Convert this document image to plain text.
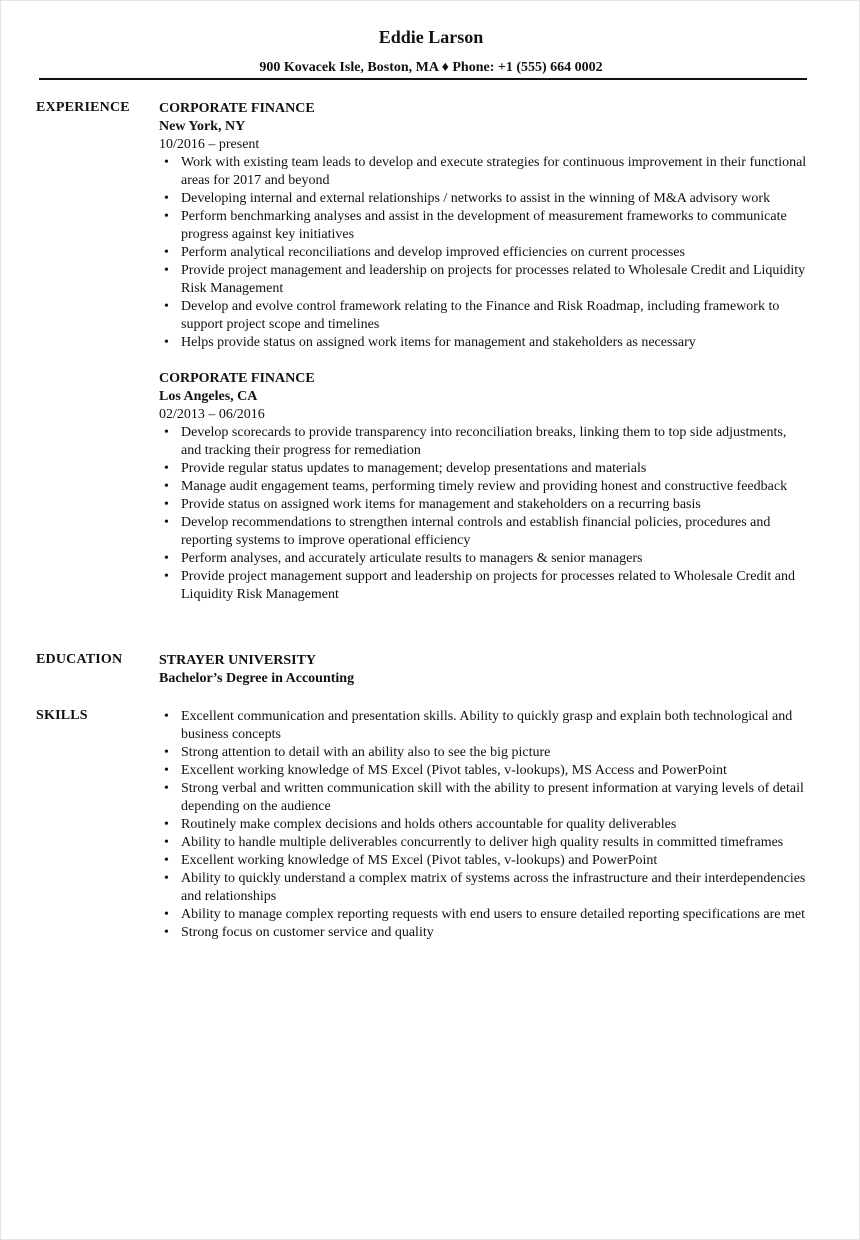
Eddie Larson
900 Kovacek Isle, Boston, MA ♦ Phone: +1 (555) 664 0002
EXPERIENCE CORPORATE FINANCE
New York, NY
10/2016 – present
• Work with existing team leads to develop and execute strategies for continuous improvement in their functional areas for 2017 and beyond
• Developing internal and external relationships / networks to assist in the winning of M&A advisory work
• Perform benchmarking analyses and assist in the development of measurement frameworks to communicate progress against key initiatives
• Perform analytical reconciliations and develop improved efficiencies on current processes
• Provide project management and leadership on projects for processes related to Wholesale Credit and Liquidity Risk Management
• Develop and evolve control framework relating to the Finance and Risk Roadmap, including framework to support project scope and timelines
• Helps provide status on assigned work items for management and stakeholders as necessary
CORPORATE FINANCE
Los Angeles, CA
02/2013 – 06/2016
• Develop scorecards to provide transparency into reconciliation breaks, linking them to top side adjustments, and tracking their progress for remediation
• Provide regular status updates to management; develop presentations and materials
• Manage audit engagement teams, performing timely review and providing honest and constructive feedback
• Provide status on assigned work items for management and stakeholders on a recurring basis
• Develop recommendations to strengthen internal controls and establish financial policies, procedures and reporting systems to improve operational efficiency
• Perform analyses, and accurately articulate results to managers & senior managers
• Provide project management support and leadership on projects for processes related to Wholesale Credit and Liquidity Risk Management
EDUCATION	STRAYER UNIVERSITY
Bachelor’s Degree in Accounting
SKILLS	• Excellent communication and presentation skills. Ability to quickly grasp and explain both technological and business concepts
• Strong attention to detail with an ability also to see the big picture
• Excellent working knowledge of MS Excel (Pivot tables, v-lookups), MS Access and PowerPoint
• Strong verbal and written communication skill with the ability to present information at varying levels of detail depending on the audience
• Routinely make complex decisions and holds others accountable for quality deliverables
• Ability to handle multiple deliverables concurrently to deliver high quality results in committed timeframes
• Excellent working knowledge of MS Excel (Pivot tables, v-lookups) and PowerPoint
• Ability to quickly understand a complex matrix of systems across the infrastructure and their interdependencies and relationships
• Ability to manage complex reporting requests with end users to ensure detailed reporting specifications are met
• Strong focus on customer service and quality
